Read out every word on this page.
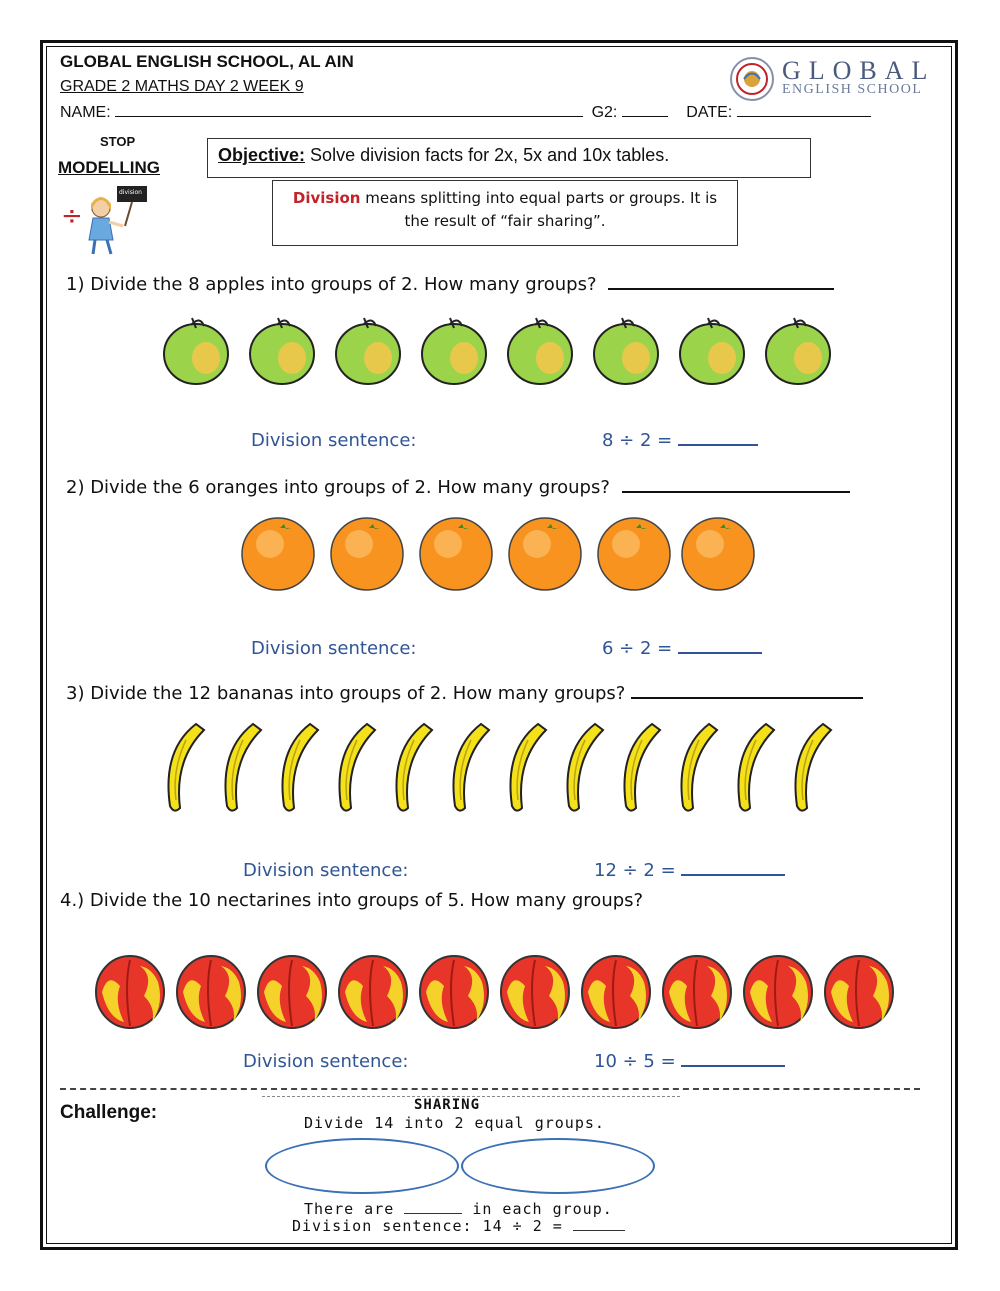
GLOBAL ENGLISH SCHOOL, AL AIN
GRADE 2 MATHS DAY 2 WEEK 9
NAME:	G2:	DATE:
GLOBAL
ENGLISH SCHOOL
STOP
MODELLING
÷
division
Objective: Solve division facts for 2x, 5x and 10x tables.
Division means splitting into equal parts or groups. It is the result of “fair sharing”.
1) Divide the 8 apples into groups of 2. How many groups?
Division sentence:	8 ÷ 2 =
2) Divide the 6 oranges into groups of 2. How many groups?
Division sentence:	6 ÷ 2 =
3) Divide the 12 bananas into groups of 2. How many groups?
Division sentence:	12 ÷ 2 =
4.) Divide the 10 nectarines into groups of 5. How many groups?
Division sentence:	10 ÷ 5 =
Challenge:	SHARING
Divide 14 into 2 equal groups.
There are	in each group.
Division sentence: 14 ÷ 2 =
